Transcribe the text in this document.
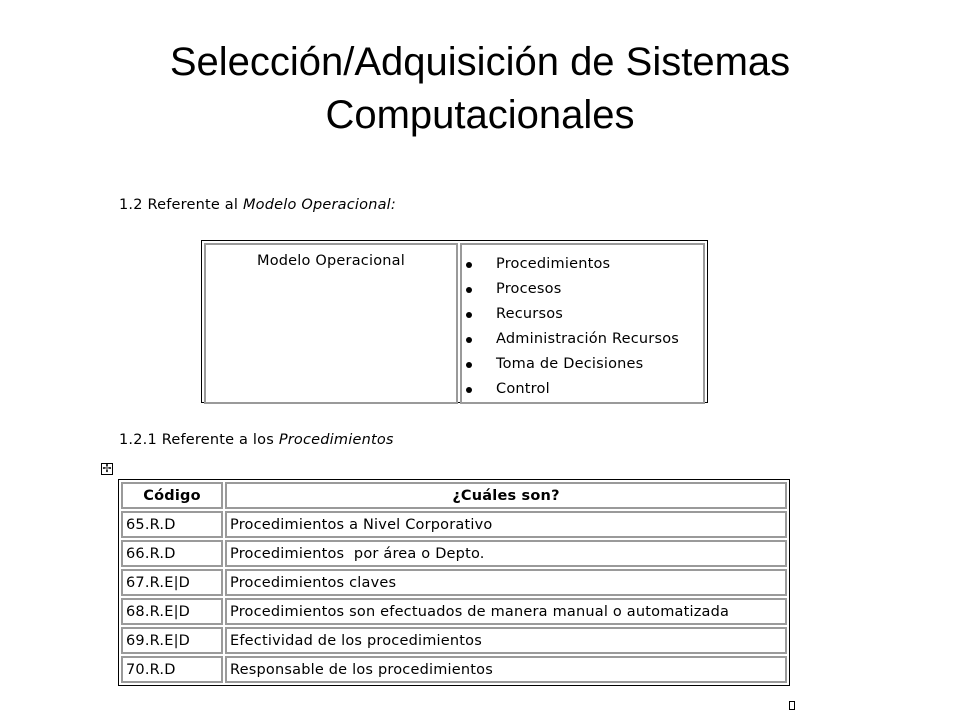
Selección/Adquisición de Sistemas
Computacionales
1.2 Referente al Modelo Operacional:
Modelo Operacional	Procedimientos
Procesos
Recursos
Administración Recursos
Toma de Decisiones
Control
1.2.1 Referente a los Procedimientos
✢
Código	¿Cuáles son?
65.R.D	Procedimientos a Nivel Corporativo
66.R.D	Procedimientos  por área o Depto.
67.R.E|D	Procedimientos claves
68.R.E|D	Procedimientos son efectuados de manera manual o automatizada
69.R.E|D	Efectividad de los procedimientos
70.R.D	Responsable de los procedimientos
